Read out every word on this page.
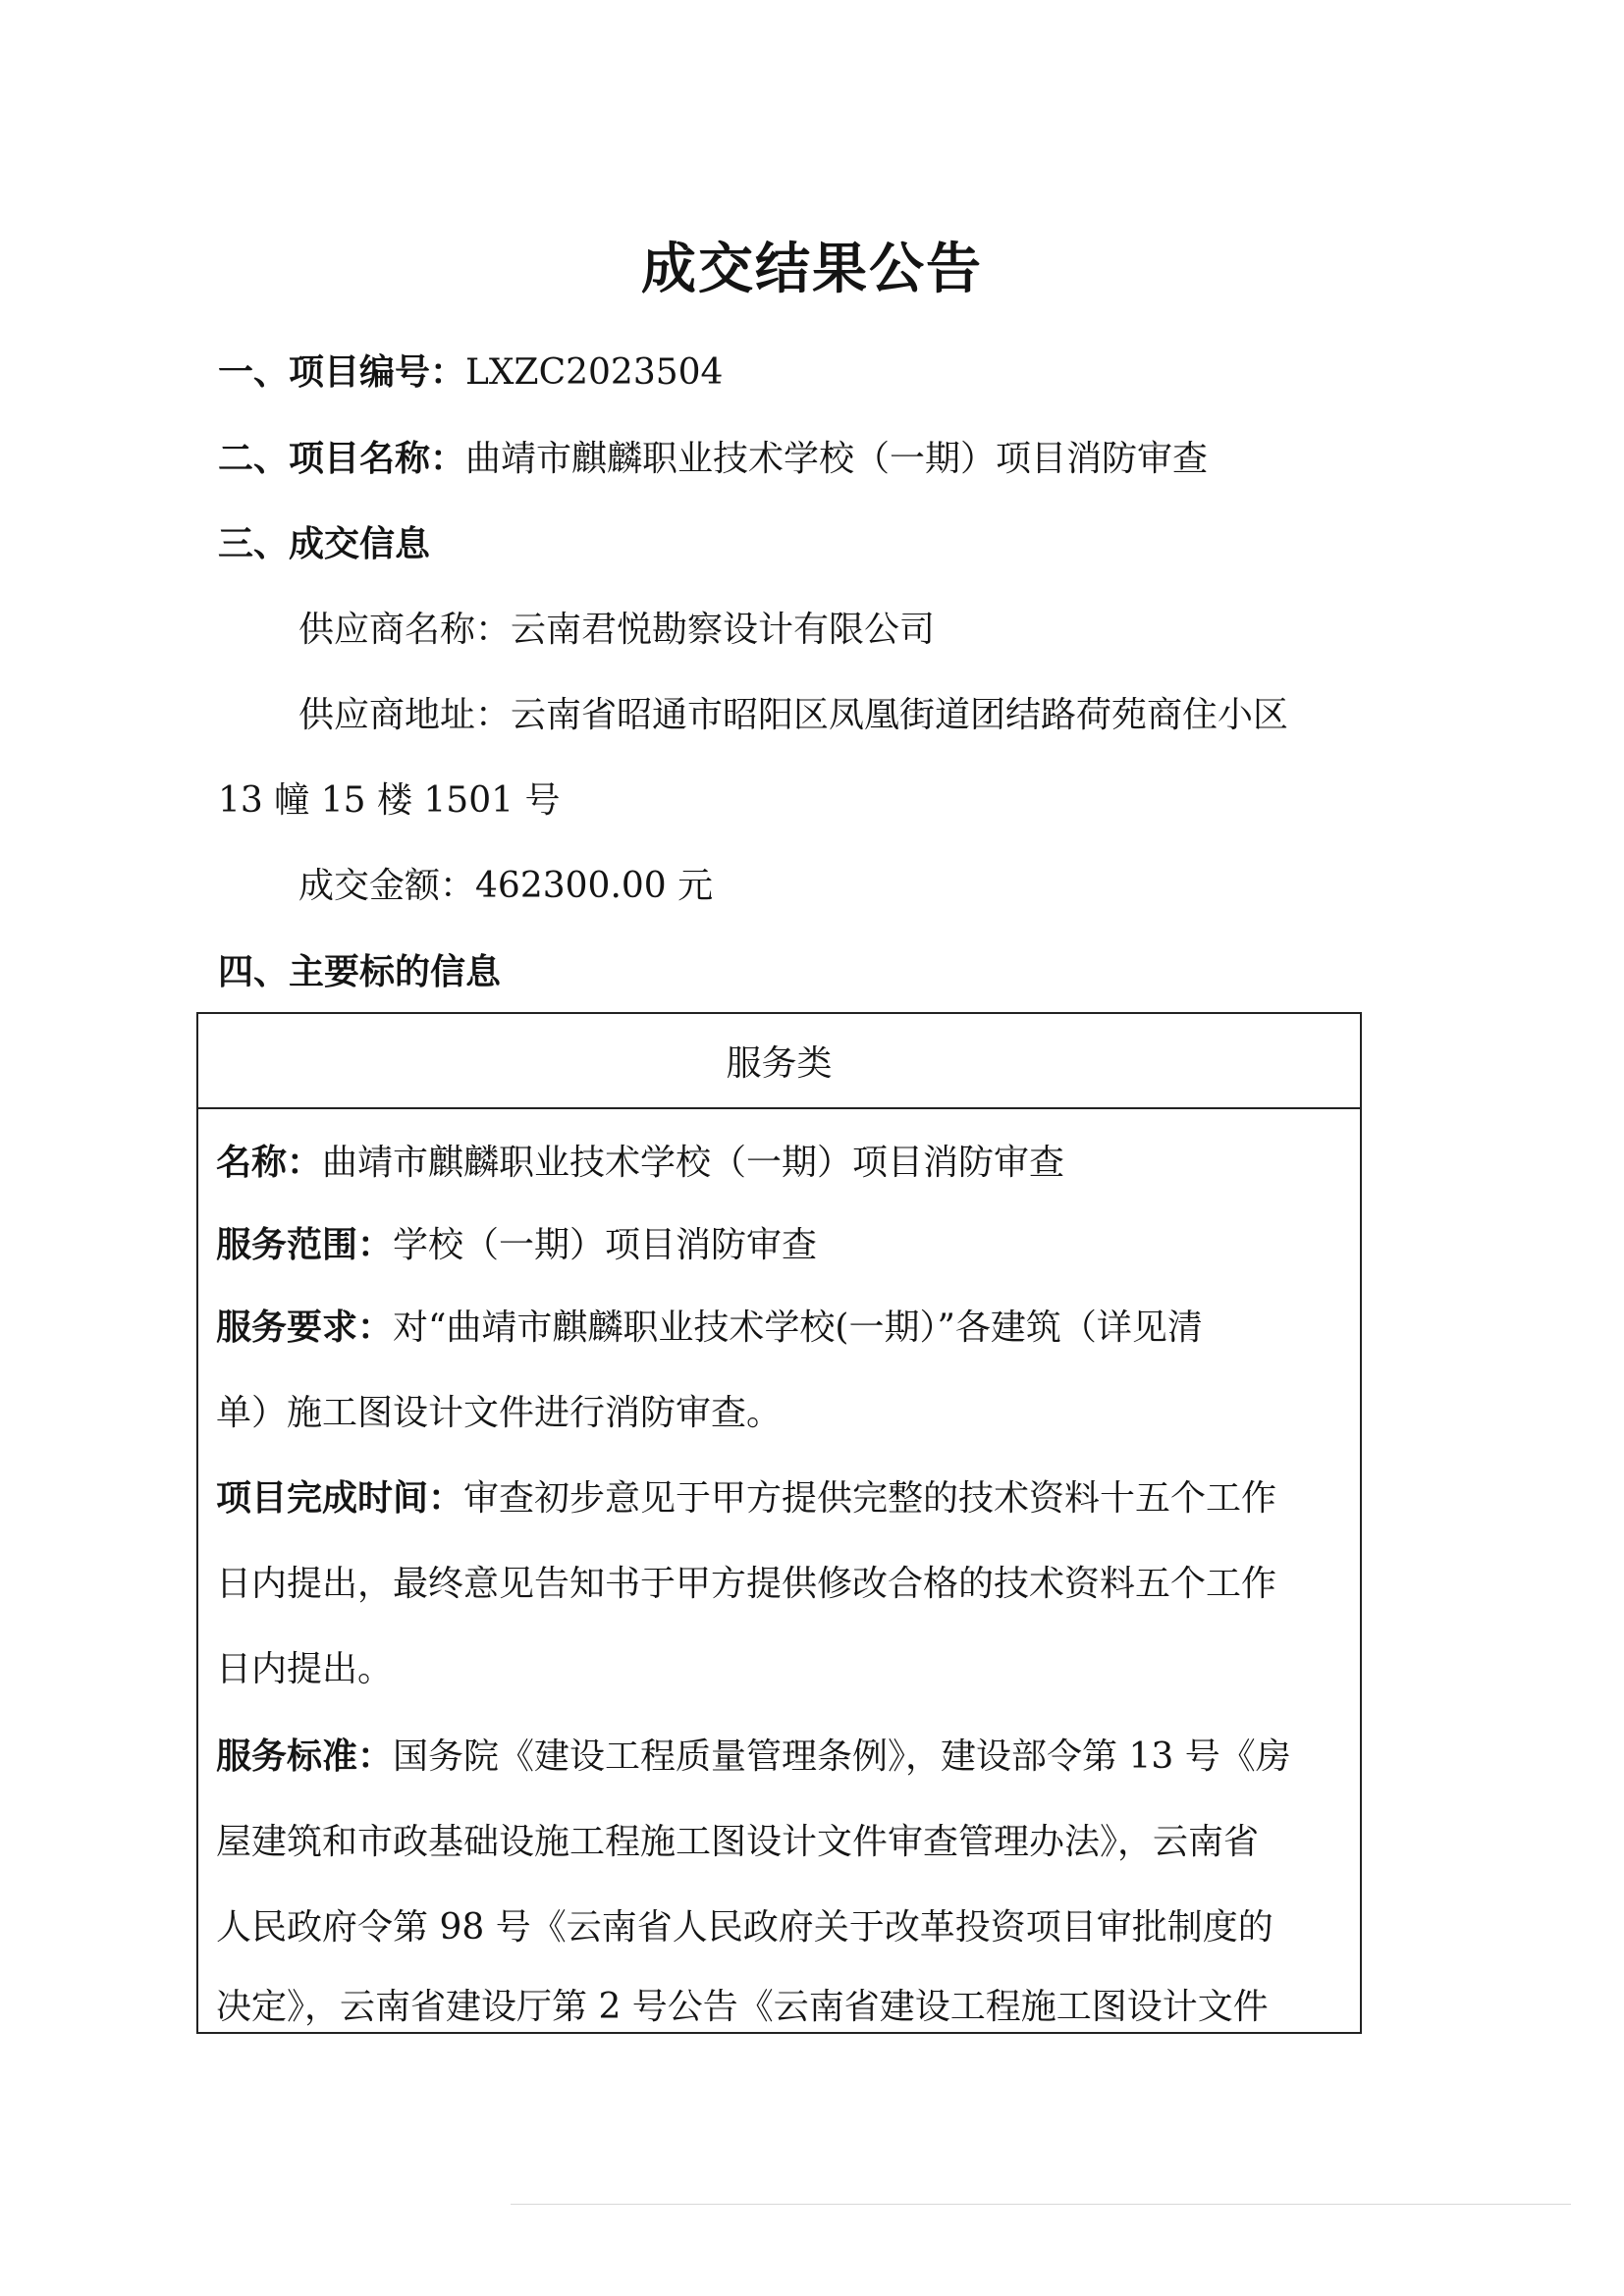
成交结果公告
一、项目编号：LXZC2023504
二、项目名称：曲靖市麒麟职业技术学校（一期）项目消防审查
三、成交信息
供应商名称：云南君悦勘察设计有限公司
供应商地址：云南省昭通市昭阳区凤凰街道团结路荷苑商住小区
13 幢 15 楼 1501 号
成交金额：462300.00 元
四、主要标的信息
服务类
名称：曲靖市麒麟职业技术学校（一期）项目消防审查
服务范围：学校（一期）项目消防审查
服务要求：对“曲靖市麒麟职业技术学校(一期）”各建筑（详见清
单）施工图设计文件进行消防审查。
项目完成时间：审查初步意见于甲方提供完整的技术资料十五个工作
日内提出，最终意见告知书于甲方提供修改合格的技术资料五个工作
日内提出。
服务标准：国务院《建设工程质量管理条例》，建设部令第 13 号《房
屋建筑和市政基础设施工程施工图设计文件审查管理办法》，云南省
人民政府令第 98 号《云南省人民政府关于改革投资项目审批制度的
决定》，云南省建设厅第 2 号公告《云南省建设工程施工图设计文件
